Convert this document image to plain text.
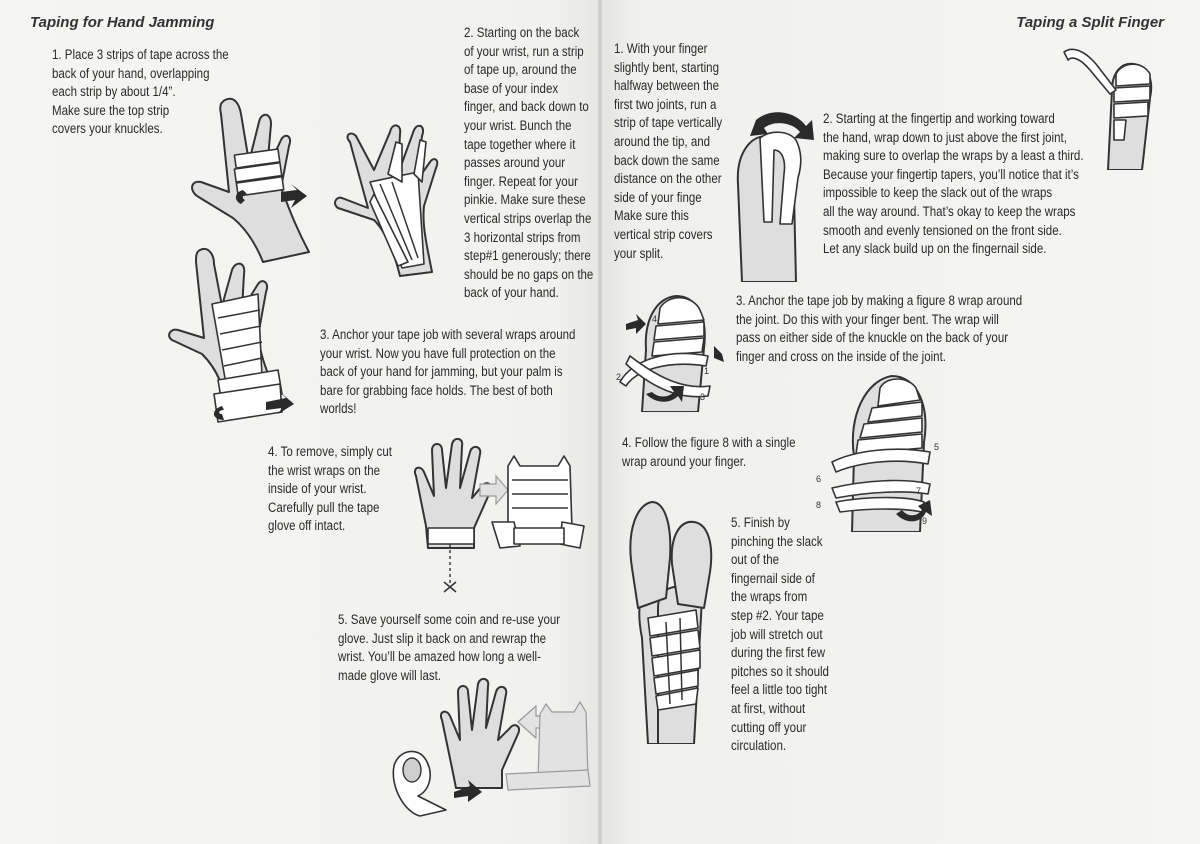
Taping for Hand Jamming
1. Place 3 strips of tape across the
back of your hand, overlapping
each strip by about 1/4”.
Make sure the top strip
covers your knuckles.
2. Starting on the back
of your wrist, run a strip
of tape up, around the
base of your index
finger, and back down to
your wrist. Bunch the
tape together where it
passes around your
finger. Repeat for your
pinkie. Make sure these
vertical strips overlap the
3 horizontal strips from
step#1 generously; there
should be no gaps on the
back of your hand.
3. Anchor your tape job with several wraps around
your wrist. Now you have full protection on the
back of your hand for jamming, but your palm is
bare for grabbing face holds. The best of both
worlds!
4. To remove, simply cut
the wrist wraps on the
inside of your wrist.
Carefully pull the tape
glove off intact.
5. Save yourself some coin and re-use your
glove. Just slip it back on and rewrap the
wrist. You’ll be amazed how long a well-
made glove will last.
Taping a Split Finger
1. With your finger
slightly bent, starting
halfway between the
first two joints, run a
strip of tape vertically
around the tip, and
back down the same
distance on the other
side of your finge
Make sure this
vertical strip covers
your split.
2. Starting at the fingertip and working toward
the hand, wrap down to just above the first joint,
making sure to overlap the wraps by a least a third.
Because your fingertip tapers, you’ll notice that it’s
impossible to keep the slack out of the wraps
all the way around. That’s okay to keep the wraps
smooth and evenly tensioned on the front side.
Let any slack build up on the fingernail side.
3. Anchor the tape job by making a figure 8 wrap around
the joint. Do this with your finger bent. The wrap will
pass on either side of the knuckle on the back of your
finger and cross on the inside of the joint.
4. Follow the figure 8 with a single
wrap around your finger.
5. Finish by
pinching the slack
out of the
fingernail side of
the wraps from
step #2. Your tape
job will stretch out
during the first few
pitches so it should
feel a little too tight
at first, without
cutting off your
circulation.
4
1
2
3
5
6
7
8
9
